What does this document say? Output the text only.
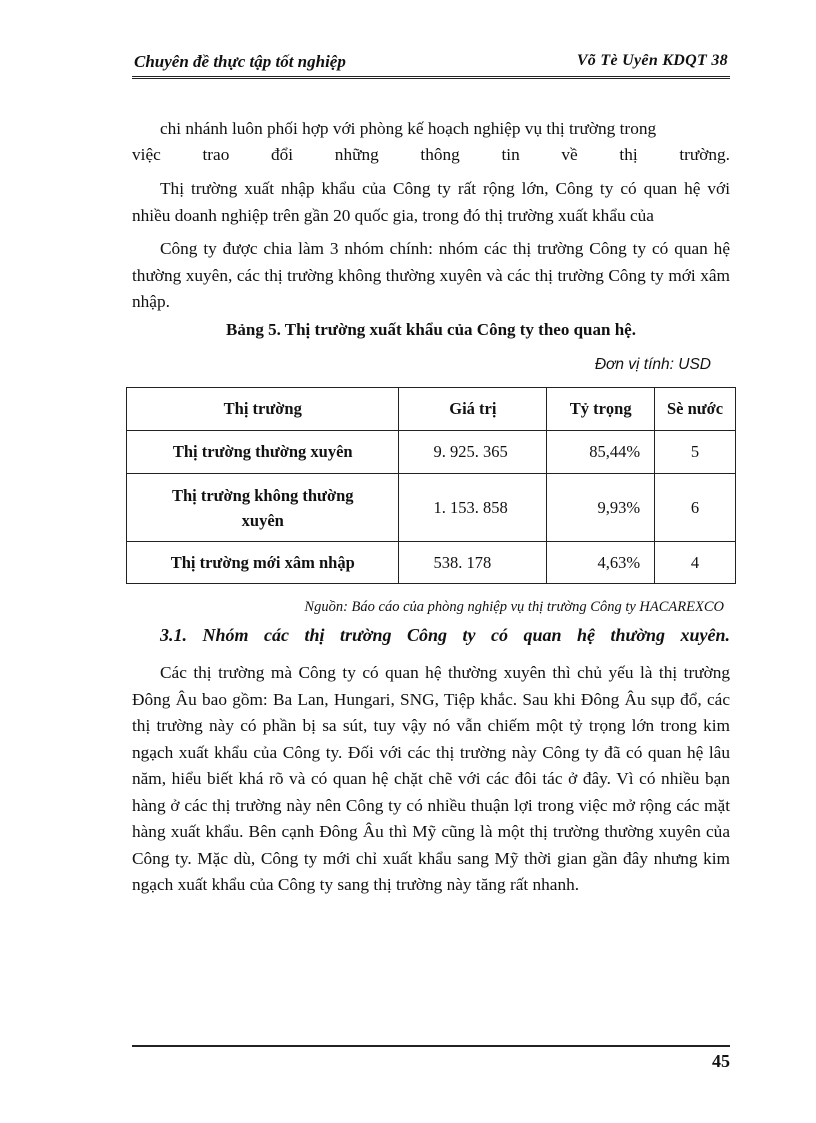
Chuyên đề thực tập tốt nghiệp	Võ Tè Uyên KDQT 38
chi nhánh luôn phối hợp với phòng kế hoạch nghiệp vụ thị trường trong
việc trao đổi những thông tin về thị trường.
Thị trường xuất nhập khẩu của Công ty rất rộng lớn, Công ty có quan hệ với nhiều doanh nghiệp trên gần 20 quốc gia, trong đó thị trường xuất khẩu của
Công ty được chia làm 3 nhóm chính: nhóm các thị trường Công ty có quan hệ thường xuyên, các thị trường không thường xuyên và các thị trường Công ty mới xâm nhập.
Bảng 5. Thị trường xuất khẩu của Công ty theo quan hệ.
Đơn vị tính: USD
Thị trường	Giá trị	Tỷ trọng	Sè nước
Thị trường thường xuyên	9. 925. 365	85,44%	5
Thị trường không thường xuyên	1. 153. 858	9,93%	6
Thị trường mới xâm nhập	538. 178	4,63%	4
Nguồn: Báo cáo của phòng nghiệp vụ thị trường Công ty HACAREXCO
3.1. Nhóm các thị trường Công ty có quan hệ thường xuyên.
Các thị trường mà Công ty có quan hệ thường xuyên thì chủ yếu là thị trường Đông Âu bao gồm: Ba Lan, Hungari, SNG, Tiệp khắc. Sau khi Đông Âu sụp đổ, các thị trường này có phần bị sa sút, tuy vậy nó vẫn chiếm một tỷ trọng lớn trong kim ngạch xuất khẩu của Công ty. Đối với các thị trường này Công ty đã có quan hệ lâu năm, hiểu biết khá rõ và có quan hệ chặt chẽ với các đôi tác ở đây. Vì có nhiều bạn hàng ở các thị trường này nên Công ty có nhiều thuận lợi trong việc mở rộng các mặt hàng xuất khẩu. Bên cạnh Đông Âu thì Mỹ cũng là một thị trường thường xuyên của Công ty. Mặc dù, Công ty mới chỉ xuất khẩu sang Mỹ thời gian gần đây nhưng kim ngạch xuất khẩu của Công ty sang thị trường này tăng rất nhanh.
45
